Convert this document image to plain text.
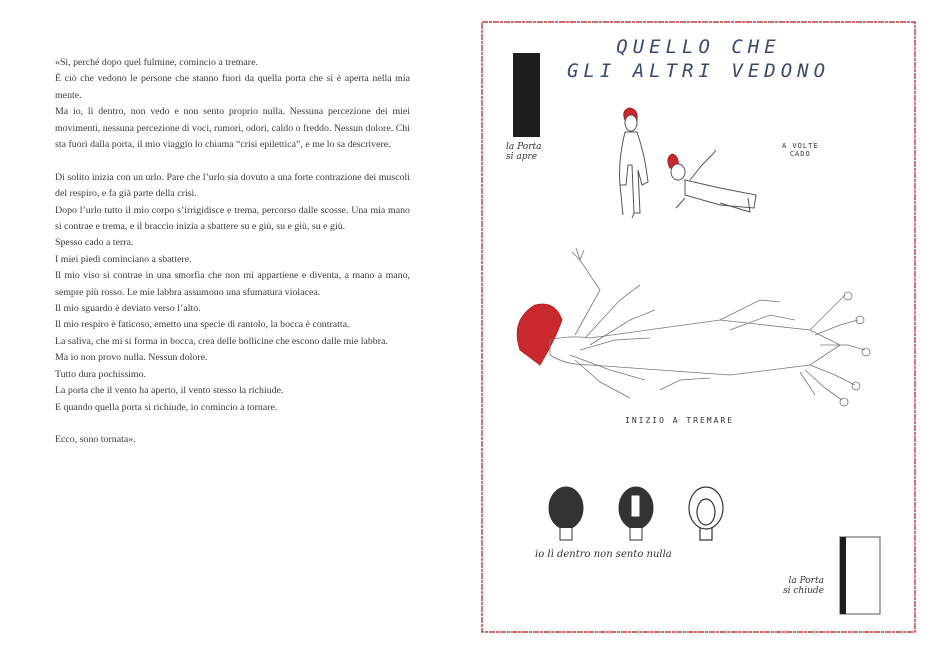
«Sì, perché dopo quel fulmine, comincio a tremare.

È ciò che vedono le persone che stanno fuori da quella porta che si è aperta nella mia mente.

Ma io, lì dentro, non vedo e non sento proprio nulla. Nessuna percezione dei miei movimenti, nessuna percezione di voci, rumori, odori, caldo o freddo. Nessun dolore. Chi sta fuori dalla porta, il mio viaggio lo chiama “crisi epilettica”, e me lo sa descrivere.

Di solito inizia con un urlo. Pare che l’urlo sia dovuto a una forte contrazione dei muscoli del respiro, e fa già parte della crisi.

Dopo l’urlo tutto il mio corpo s’irrigidisce e trema, percorso dalle scosse. Una mia mano si contrae e trema, e il braccio inizia a sbattere su e giù, su e giù, su e giù.

Spesso cado a terra.

I miei piedi cominciano a sbattere.

Il mio viso si contrae in una smorfia che non mi appartiene e diventa, a mano a mano, sempre più rosso. Le mie labbra assumono una sfumatura violacea.

Il mio sguardo è deviato verso l’alto.

Il mio respiro è faticoso, emetto una specie di rantolo, la bocca è contratta.

La saliva, che mi si forma in bocca, crea delle bollicine che escono dalle mie labbra.

Ma io non provo nulla. Nessun dolore.

Tutto dura pochissimo.

La porta che il vento ha aperto, il vento stesso la richiude.

E quando quella porta si richiude, io comincio a tornare.

Ecco, sono tornata».

QUELLO CHE
GLI ALTRI VEDONO
la Porta
si apre
A VOLTE
CADO
INIZIO A TREMARE
io lì dentro non sento nulla
la Porta
si chiude
